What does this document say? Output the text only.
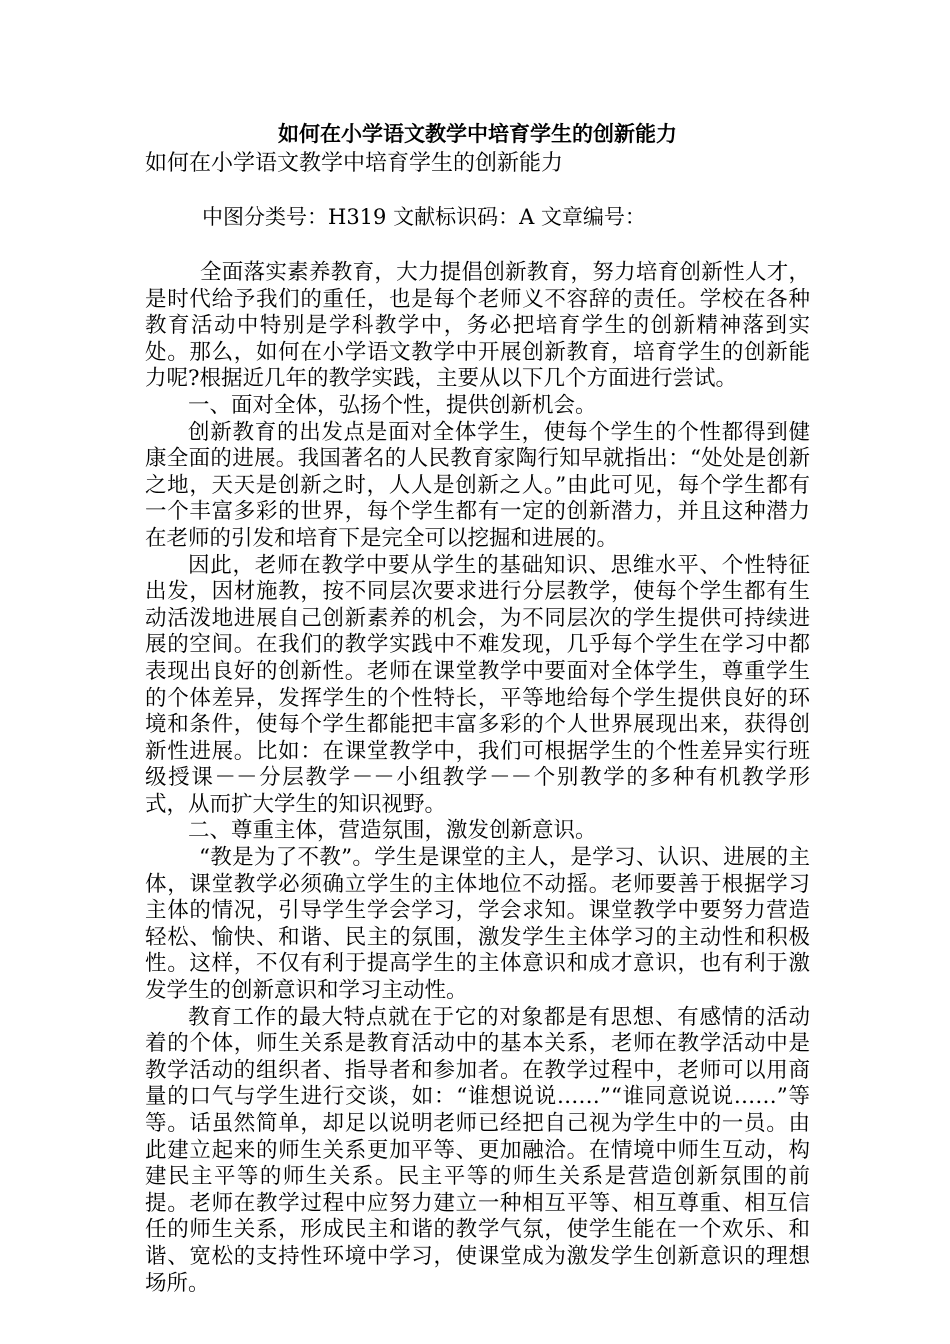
如何在小学语文教学中培育学生的创新能力

如何在小学语文教学中培育学生的创新能力

中图分类号：H319 文献标识码：A 文章编号：

全面落实素养教育，大力提倡创新教育，努力培育创新性人才，是时代给予我们的重任，也是每个老师义不容辞的责任。学校在各种教育活动中特别是学科教学中，务必把培育学生的创新精神落到实处。那么，如何在小学语文教学中开展创新教育，培育学生的创新能力呢?根据近几年的教学实践，主要从以下几个方面进行尝试。

一、面对全体，弘扬个性，提供创新机会。

创新教育的出发点是面对全体学生，使每个学生的个性都得到健康全面的进展。我国著名的人民教育家陶行知早就指出：“处处是创新之地，天天是创新之时，人人是创新之人。”由此可见，每个学生都有一个丰富多彩的世界，每个学生都有一定的创新潜力，并且这种潜力在老师的引发和培育下是完全可以挖掘和进展的。

因此，老师在教学中要从学生的基础知识、思维水平、个性特征出发，因材施教，按不同层次要求进行分层教学，使每个学生都有生动活泼地进展自己创新素养的机会，为不同层次的学生提供可持续进展的空间。在我们的教学实践中不难发现，几乎每个学生在学习中都表现出良好的创新性。老师在课堂教学中要面对全体学生，尊重学生的个体差异，发挥学生的个性特长，平等地给每个学生提供良好的环境和条件，使每个学生都能把丰富多彩的个人世界展现出来，获得创新性进展。比如：在课堂教学中，我们可根据学生的个性差异实行班级授课－－分层教学－－小组教学－－个别教学的多种有机教学形式，从而扩大学生的知识视野。

二、尊重主体，营造氛围，激发创新意识。

“教是为了不教”。学生是课堂的主人，是学习、认识、进展的主体，课堂教学必须确立学生的主体地位不动摇。老师要善于根据学习主体的情况，引导学生学会学习，学会求知。课堂教学中要努力营造轻松、愉快、和谐、民主的氛围，激发学生主体学习的主动性和积极性。这样，不仅有利于提高学生的主体意识和成才意识，也有利于激发学生的创新意识和学习主动性。

教育工作的最大特点就在于它的对象都是有思想、有感情的活动着的个体，师生关系是教育活动中的基本关系，老师在教学活动中是教学活动的组织者、指导者和参加者。在教学过程中，老师可以用商量的口气与学生进行交谈，如：“谁想说说……”“谁同意说说……”等等。话虽然简单，却足以说明老师已经把自己视为学生中的一员。由此建立起来的师生关系更加平等、更加融洽。在情境中师生互动，构建民主平等的师生关系。民主平等的师生关系是营造创新氛围的前提。老师在教学过程中应努力建立一种相互平等、相互尊重、相互信任的师生关系，形成民主和谐的教学气氛，使学生能在一个欢乐、和谐、宽松的支持性环境中学习，使课堂成为激发学生创新意识的理想场所。
